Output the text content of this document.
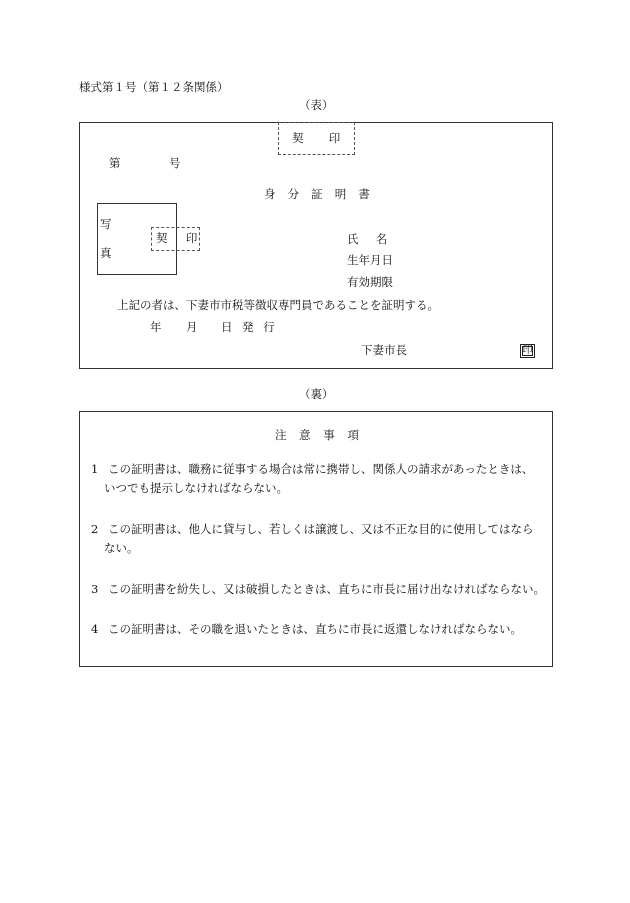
様式第１号（第１２条関係）
（表）
契　印
第	号
身分証明書
写
真
契　印	氏名
生年月日
有効期限
上記の者は、下妻市市税等徴収専門員であることを証明する。
年 月 日 発行
下妻市長	印
（裏）
注意事項
1 この証明書は、職務に従事する場合は常に携帯し、関係人の請求があったときは、
いつでも提示しなければならない。
2 この証明書は、他人に貸与し、若しくは譲渡し、又は不正な目的に使用してはなら
ない。
3 この証明書を紛失し、又は破損したときは、直ちに市長に届け出なければならない。
4 この証明書は、その職を退いたときは、直ちに市長に返還しなければならない。
